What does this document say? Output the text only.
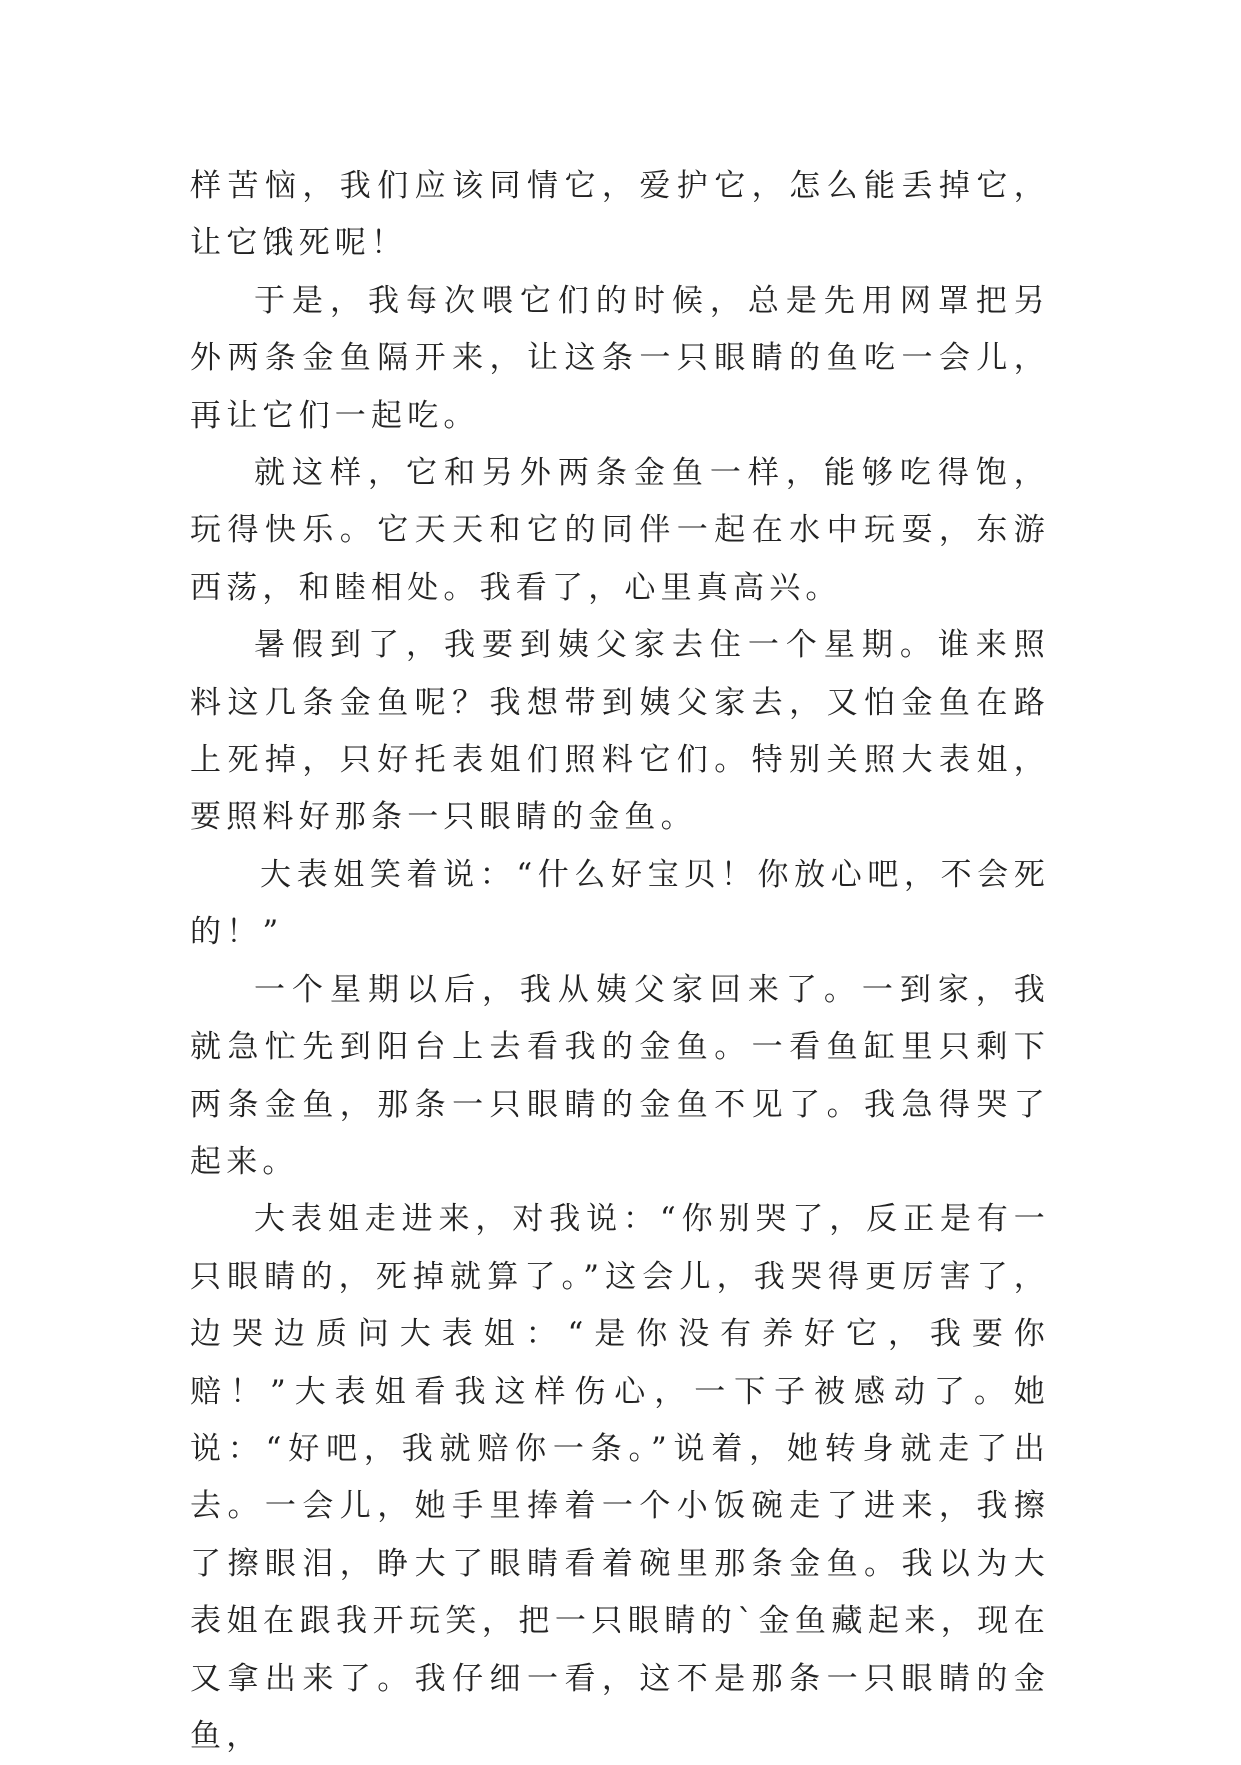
样苦恼，我们应该同情它，爱护它，怎么能丢掉它，让它饿死呢！

于是，我每次喂它们的时候，总是先用网罩把另外两条金鱼隔开来，让这条一只眼睛的鱼吃一会儿，再让它们一起吃。

就这样，它和另外两条金鱼一样，能够吃得饱，玩得快乐。它天天和它的同伴一起在水中玩耍，东游西荡，和睦相处。我看了，心里真高兴。

暑假到了，我要到姨父家去住一个星期。谁来照料这几条金鱼呢？我想带到姨父家去，又怕金鱼在路上死掉，只好托表姐们照料它们。特别关照大表姐，要照料好那条一只眼睛的金鱼。

大表姐笑着说：“什么好宝贝！你放心吧，不会死的！”

一个星期以后，我从姨父家回来了。一到家，我就急忙先到阳台上去看我的金鱼。一看鱼缸里只剩下两条金鱼，那条一只眼睛的金鱼不见了。我急得哭了起来。

大表姐走进来，对我说：“你别哭了，反正是有一只眼睛的，死掉就算了。”这会儿，我哭得更厉害了，边哭边质问大表姐：“是你没有养好它，我要你赔！”大表姐看我这样伤心，一下子被感动了。她说：“好吧，我就赔你一条。”说着，她转身就走了出去。一会儿，她手里捧着一个小饭碗走了进来，我擦了擦眼泪，睁大了眼睛看着碗里那条金鱼。我以为大表姐在跟我开玩笑，把一只眼睛的`金鱼藏起来，现在又拿出来了。我仔细一看，这不是那条一只眼睛的金鱼，
